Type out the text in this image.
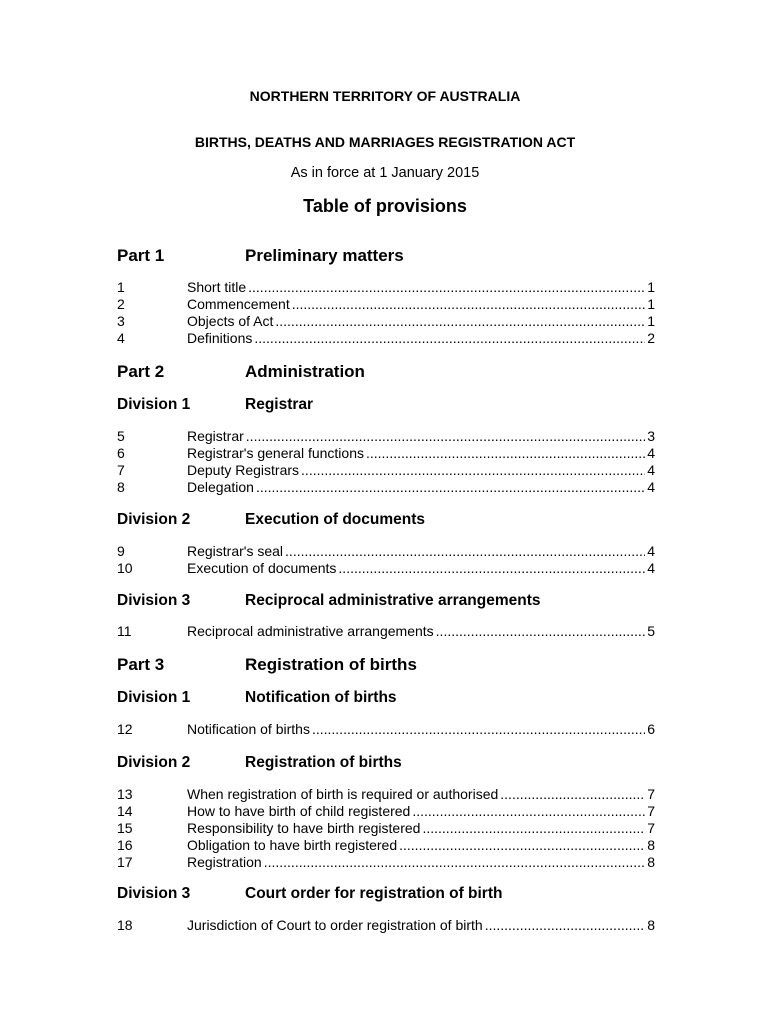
NORTHERN TERRITORY OF AUSTRALIA
BIRTHS, DEATHS AND MARRIAGES REGISTRATION ACT
As in force at 1 January 2015
Table of provisions
Part 1	Preliminary matters
1	Short title .....	1
2	Commencement .....	1
3	Objects of Act .....	1
4	Definitions .....	2
Part 2	Administration
Division 1	Registrar
5	Registrar .....	3
6	Registrar's general functions .....	4
7	Deputy Registrars .....	4
8	Delegation .....	4
Division 2	Execution of documents
9	Registrar's seal .....	4
10	Execution of documents .....	4
Division 3	Reciprocal administrative arrangements
11	Reciprocal administrative arrangements .....	5
Part 3	Registration of births
Division 1	Notification of births
12	Notification of births .....	6
Division 2	Registration of births
13	When registration of birth is required or authorised .....	7
14	How to have birth of child registered .....	7
15	Responsibility to have birth registered .....	7
16	Obligation to have birth registered .....	8
17	Registration .....	8
Division 3	Court order for registration of birth
18	Jurisdiction of Court to order registration of birth .....	8
